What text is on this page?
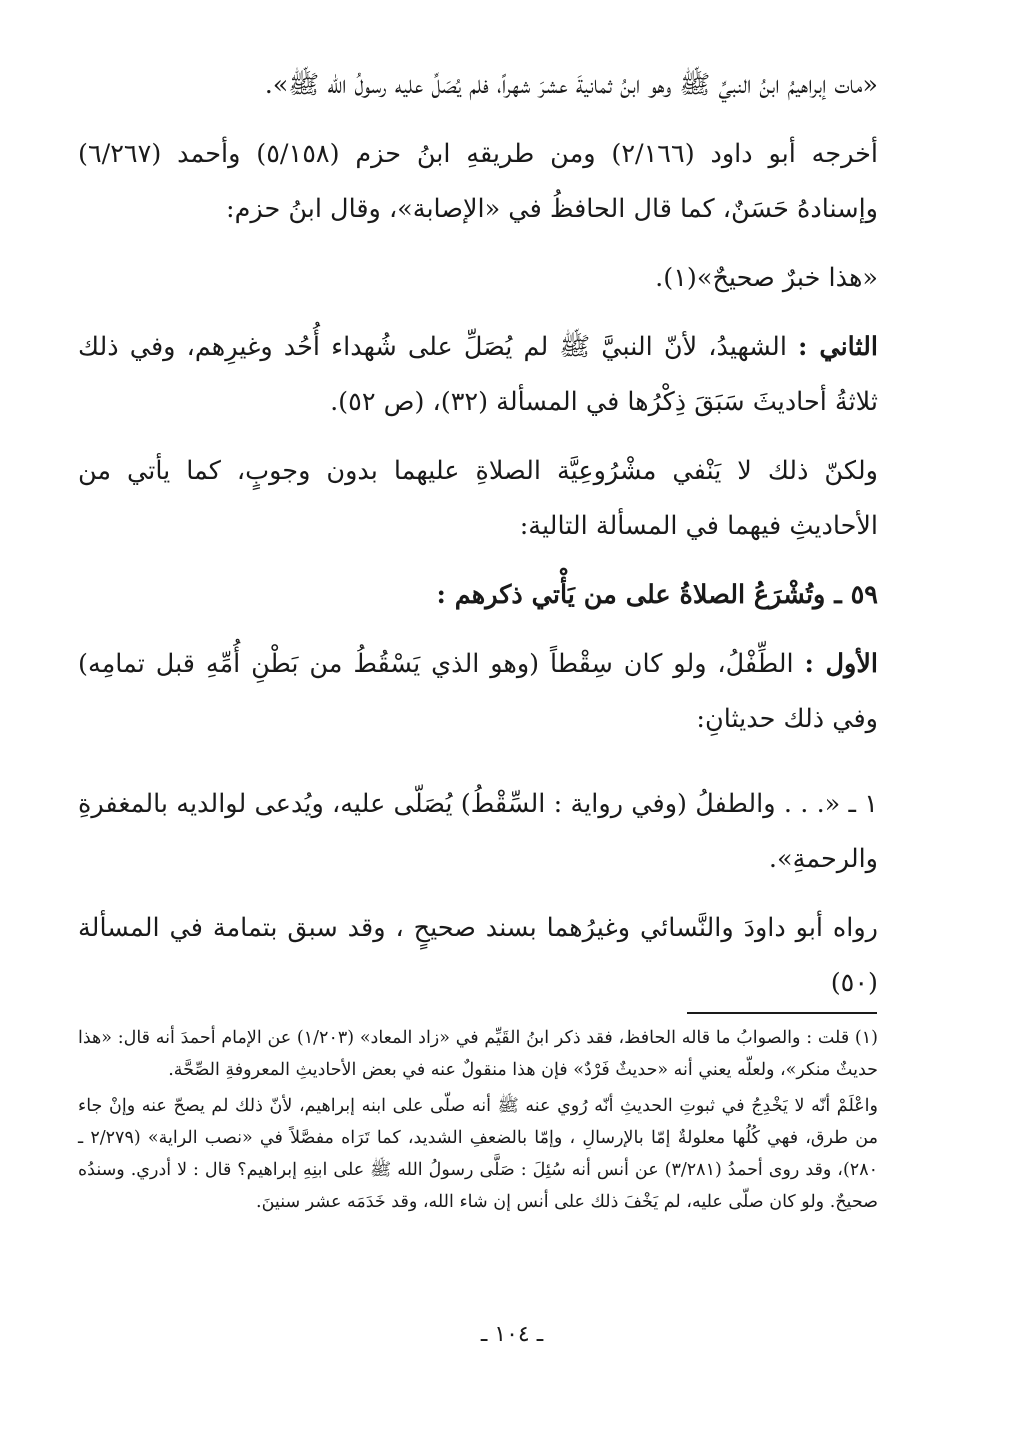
«مات إبراهيمُ ابنُ النبيِّ ﷺ وهو ابنُ ثمانيةَ عشرَ شهراً، فلم يُصَلِّ عليه رسولُ الله ﷺ».

أخرجه أبو داود (٢/١٦٦) ومن طريقهِ ابنُ حزم (٥/١٥٨) وأحمد (٦/٢٦٧) وإسنادهُ حَسَنٌ، كما قال الحافظُ في «الإصابة»، وقال ابنُ حزم:

«هذا خبرٌ صحيحٌ»(١).

الثاني : الشهيدُ، لأنّ النبيَّ ﷺ لم يُصَلِّ على شُهداء أُحُد وغيرِهم، وفي ذلك ثلاثةُ أحاديثَ سَبَقَ ذِكْرُها في المسألة (٣٢)، (ص ٥٢).

ولكنّ ذلك لا يَنْفي مشْرُوعِيَّة الصلاةِ عليهما بدون وجوبٍ، كما يأتي من الأحاديثِ فيهما في المسألة التالية:

٥٩ ـ وتُشْرَعُ الصلاةُ على من يَأْتي ذكرهم :

الأول : الطِّفْلُ، ولو كان سِقْطاً (وهو الذي يَسْقُطُ من بَطْنِ أُمِّهِ قبل تمامِه) وفي ذلك حديثانِ:

١ ـ «. . . والطفلُ (وفي رواية : السِّقْطُ) يُصَلّى عليه، ويُدعى لوالديه بالمغفرةِ والرحمةِ».

رواه أبو داودَ والنَّسائي وغيرُهما بسند صحيحٍ ، وقد سبق بتمامة في المسألة (٥٠)

(١) قلت : والصوابُ ما قاله الحافظ، فقد ذكر ابنُ القَيِّم في «زاد المعاد» (١/٢٠٣) عن الإمام أحمدَ أنه قال: «هذا حديثٌ منكر»، ولعلّه يعني أنه «حديثٌ فَرْدٌ» فإن هذا منقولٌ عنه في بعض الأحاديثِ المعروفةِ الصِّحَّة.

واعْلَمْ أنّه لا يَخْدِجُ في ثبوتِ الحديثِ أنّه رُوي عنه ﷺ أنه صلّى على ابنه إبراهيم، لأنّ ذلك لم يصحّ عنه وإنْ جاء من طرق، فهي كُلُها معلولةٌ إمّا بالإرسالِ ، وإمّا بالضعفِ الشديد، كما تَرَاه مفصَّلاً في «نصب الراية» (٢/٢٧٩ ـ ٢٨٠)، وقد روى أحمدُ (٣/٢٨١) عن أنس أنه سُئِلَ : صَلَّى رسولُ الله ﷺ على ابنِهِ إبراهيم؟ قال : لا أدري. وسندُه صحيحٌ. ولو كان صلّى عليه، لم يَخْفَ ذلك على أنس إن شاء الله، وقد خَدَمَه عشر سنينَ.

ـ ١٠٤ ـ
